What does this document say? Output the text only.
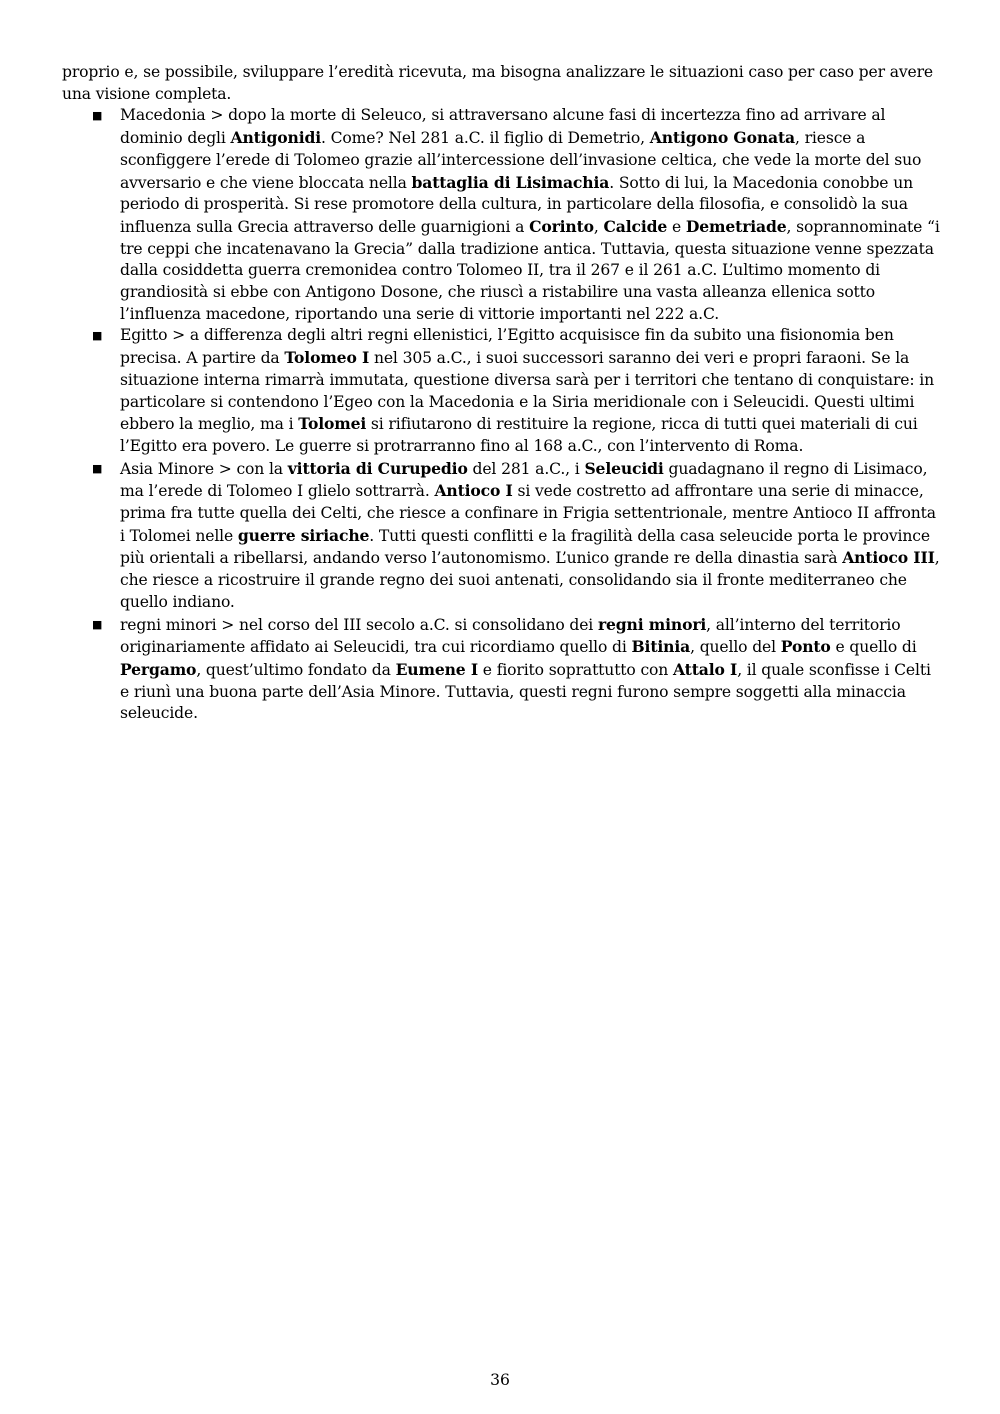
proprio e, se possibile, sviluppare l’eredità ricevuta, ma bisogna analizzare le situazioni caso per caso per avere una visione completa.

■ Macedonia > dopo la morte di Seleuco, si attraversano alcune fasi di incertezza fino ad arrivare al dominio degli Antigonidi. Come? Nel 281 a.C. il figlio di Demetrio, Antigono Gonata, riesce a sconfiggere l’erede di Tolomeo grazie all’intercessione dell’invasione celtica, che vede la morte del suo avversario e che viene bloccata nella battaglia di Lisimachia. Sotto di lui, la Macedonia conobbe un periodo di prosperità. Si rese promotore della cultura, in particolare della filosofia, e consolidò la sua influenza sulla Grecia attraverso delle guarnigioni a Corinto, Calcide e Demetriade, soprannominate “i tre ceppi che incatenavano la Grecia” dalla tradizione antica. Tuttavia, questa situazione venne spezzata dalla cosiddetta guerra cremonidea contro Tolomeo II, tra il 267 e il 261 a.C. L’ultimo momento di grandiosità si ebbe con Antigono Dosone, che riuscì a ristabilire una vasta alleanza ellenica sotto l’influenza macedone, riportando una serie di vittorie importanti nel 222 a.C.
■ Egitto > a differenza degli altri regni ellenistici, l’Egitto acquisisce fin da subito una fisionomia ben precisa. A partire da Tolomeo I nel 305 a.C., i suoi successori saranno dei veri e propri faraoni. Se la situazione interna rimarrà immutata, questione diversa sarà per i territori che tentano di conquistare: in particolare si contendono l’Egeo con la Macedonia e la Siria meridionale con i Seleucidi. Questi ultimi ebbero la meglio, ma i Tolomei si rifiutarono di restituire la regione, ricca di tutti quei materiali di cui l’Egitto era povero. Le guerre si protrarranno fino al 168 a.C., con l’intervento di Roma.
■ Asia Minore > con la vittoria di Curupedio del 281 a.C., i Seleucidi guadagnano il regno di Lisimaco, ma l’erede di Tolomeo I glielo sottrarrà. Antioco I si vede costretto ad affrontare una serie di minacce, prima fra tutte quella dei Celti, che riesce a confinare in Frigia settentrionale, mentre Antioco II affronta i Tolomei nelle guerre siriache. Tutti questi conflitti e la fragilità della casa seleucide porta le province più orientali a ribellarsi, andando verso l’autonomismo. L’unico grande re della dinastia sarà Antioco III, che riesce a ricostruire il grande regno dei suoi antenati, consolidando sia il fronte mediterraneo che quello indiano.
■ regni minori > nel corso del III secolo a.C. si consolidano dei regni minori, all’interno del territorio originariamente affidato ai Seleucidi, tra cui ricordiamo quello di Bitinia, quello del Ponto e quello di Pergamo, quest’ultimo fondato da Eumene I e fiorito soprattutto con Attalo I, il quale sconfisse i Celti e riunì una buona parte dell’Asia Minore. Tuttavia, questi regni furono sempre soggetti alla minaccia seleucide.
36
